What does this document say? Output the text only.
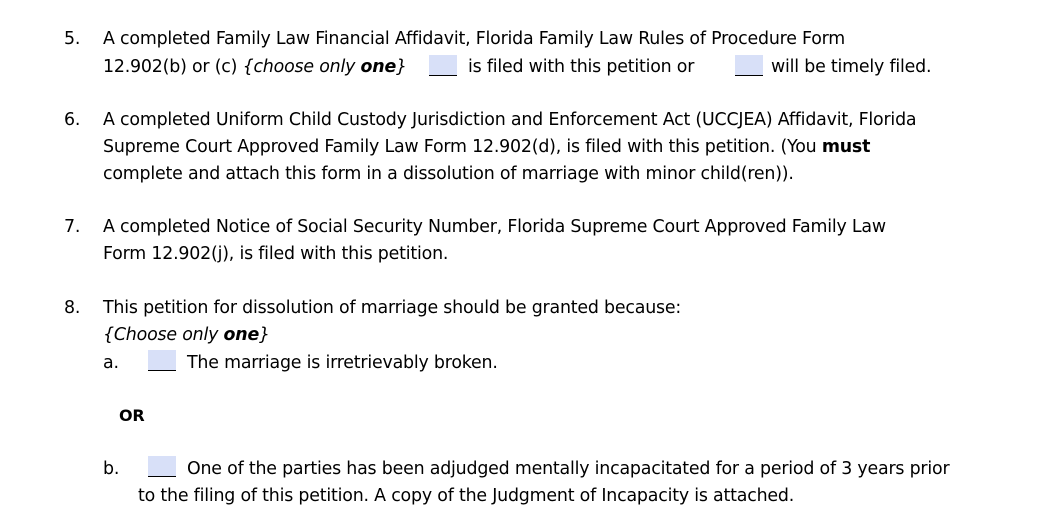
5. A completed Family Law Financial Affidavit, Florida Family Law Rules of Procedure Form
12.902(b) or (c) {choose only one}	is filed with this petition or	will be timely filed.
6. A completed Uniform Child Custody Jurisdiction and Enforcement Act (UCCJEA) Affidavit, Florida
Supreme Court Approved Family Law Form 12.902(d), is filed with this petition. (You must
complete and attach this form in a dissolution of marriage with minor child(ren)).
7. A completed Notice of Social Security Number, Florida Supreme Court Approved Family Law
Form 12.902(j), is filed with this petition.
8. This petition for dissolution of marriage should be granted because:
{Choose only one}
a.	The marriage is irretrievably broken.
OR
b.	One of the parties has been adjudged mentally incapacitated for a period of 3 years prior
to the filing of this petition. A copy of the Judgment of Incapacity is attached.
